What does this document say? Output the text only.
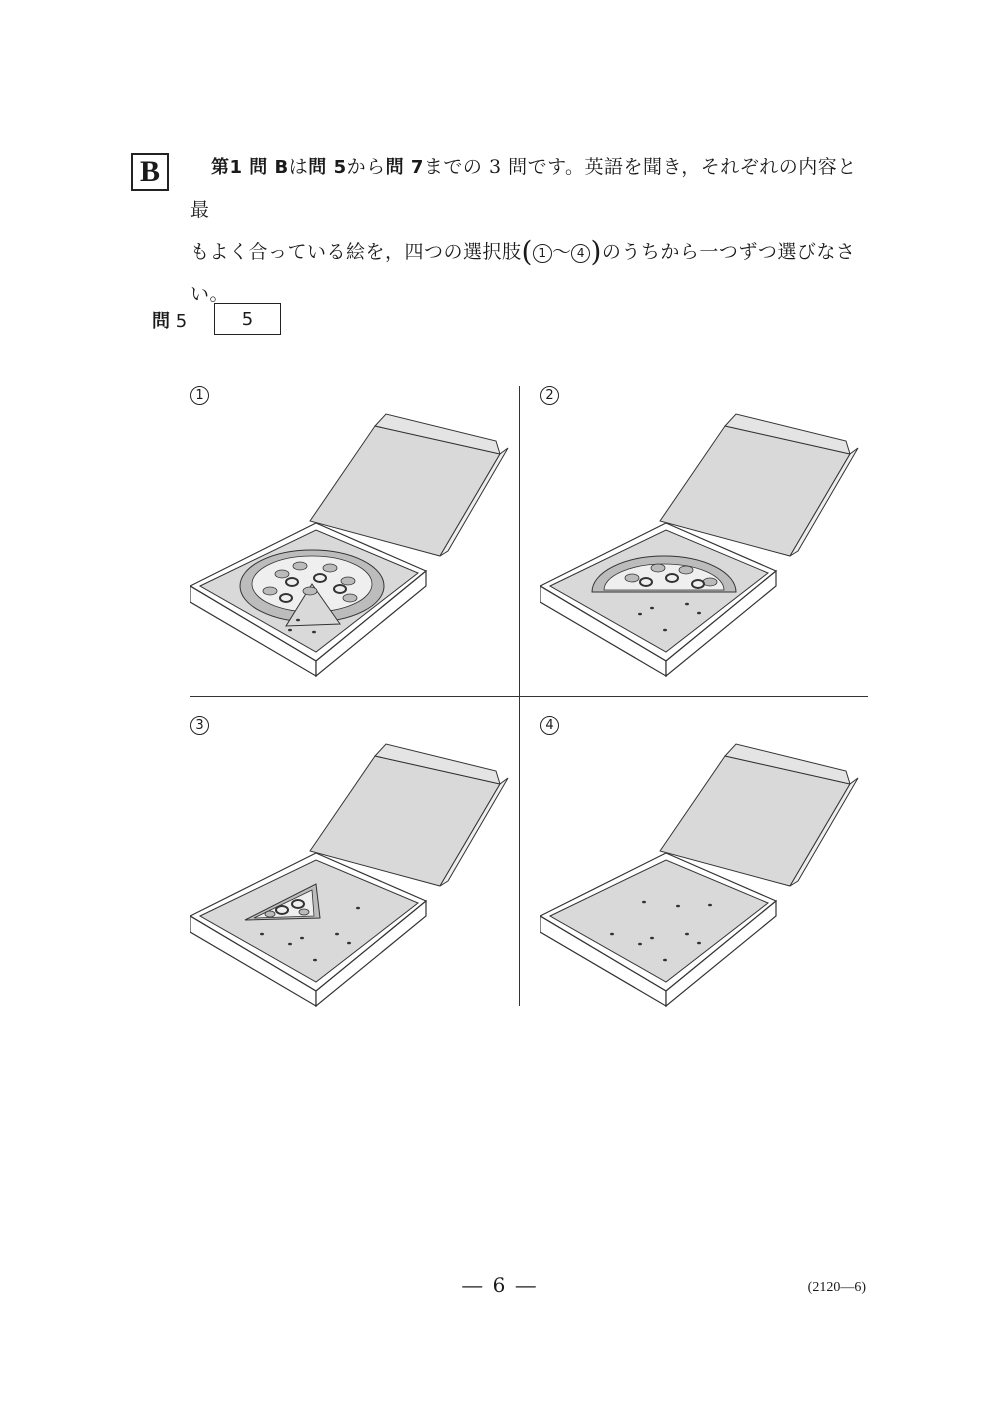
B	第1 問 Bは問 5から問 7までの 3 問です。英語を聞き，それぞれの内容と最
もよく合っている絵を，四つの選択肢( 1 ～ 4 )のうちから一つずつ選びなさ
い。
問 5	5
1	2
3	4
― 6 ―	(2120—6)
